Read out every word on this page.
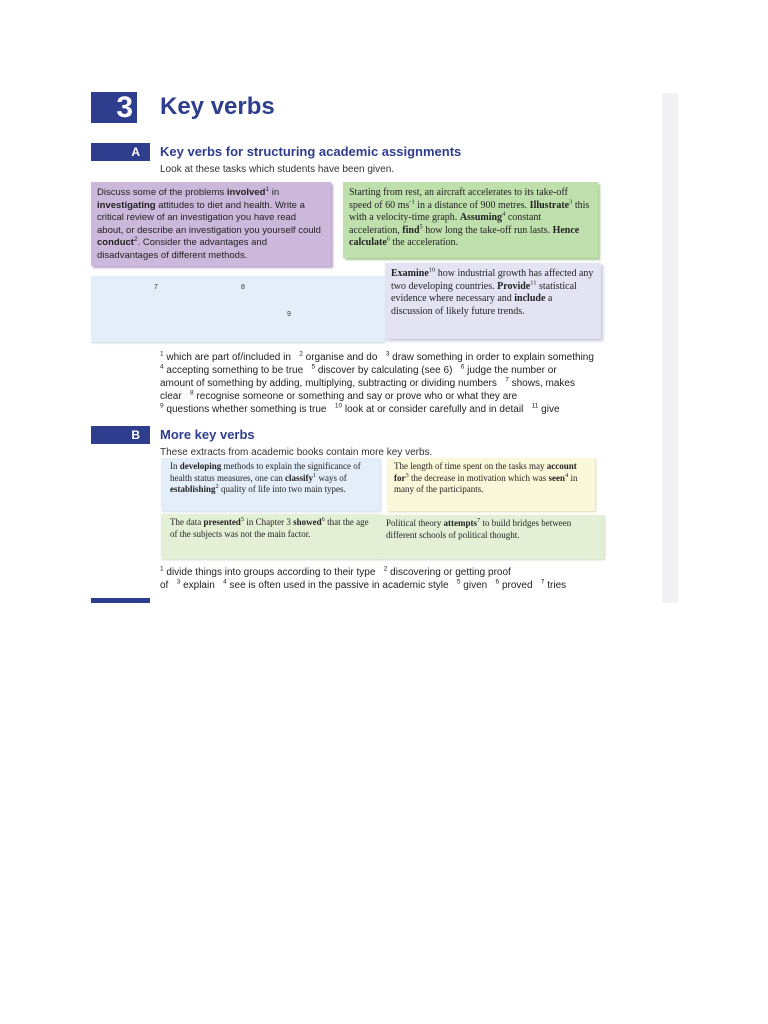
3 Key verbs
A	Key verbs for structuring academic assignments
Look at these tasks which students have been given.
Discuss some of the problems involved$^1$ in investigating attitudes to diet and health. Write a critical review of an investigation you have read about, or describe an investigation you yourself could conduct$^2$. Consider the advantages and disadvantages of different methods.
Starting from rest, an aircraft accelerates to its take-off speed of 60 $ms^{-1}$ in a distance of 900 metres. Illustrate$^3$ this with a velocity-time graph. Assuming$^4$ constant acceleration, find$^5$ how long the take-off run lasts. Hence calculate$^6$ the acceleration.
7	8
9
Examine$^{10}$ how industrial growth has affected any two developing countries. Provide$^{11}$ statistical evidence where necessary and include a discussion of likely future trends.
$^1$ which are part of/included in $^2$ organise and do $^3$ draw something in order to explain something
$^4$ accepting something to be true $^5$ discover by calculating (see 6) $^6$ judge the number or
amount of something by adding, multiplying, subtracting or dividing numbers $^7$ shows, makes
clear $^8$ recognise someone or something and say or prove who or what they are
$^9$ questions whether something is true $^{10}$ look at or consider carefully and in detail $^{11}$ give
B	More key verbs
These extracts from academic books contain more key verbs.
In developing methods to explain the significance of health status measures, one can classify$^1$ ways of establishing$^2$ quality of life into two main types.
The length of time spent on the tasks may account for$^3$ the decrease in motivation which was seen$^4$ in many of the participants.
The data presented$^5$ in Chapter 3 showed$^6$ that the age of the subjects was not the main factor.
Political theory attempts$^7$ to build bridges between different schools of political thought.
$^1$ divide things into groups according to their type $^2$ discovering or getting proof
of $^3$ explain $^4$ see is often used in the passive in academic style $^5$ given $^6$ proved $^7$ tries
